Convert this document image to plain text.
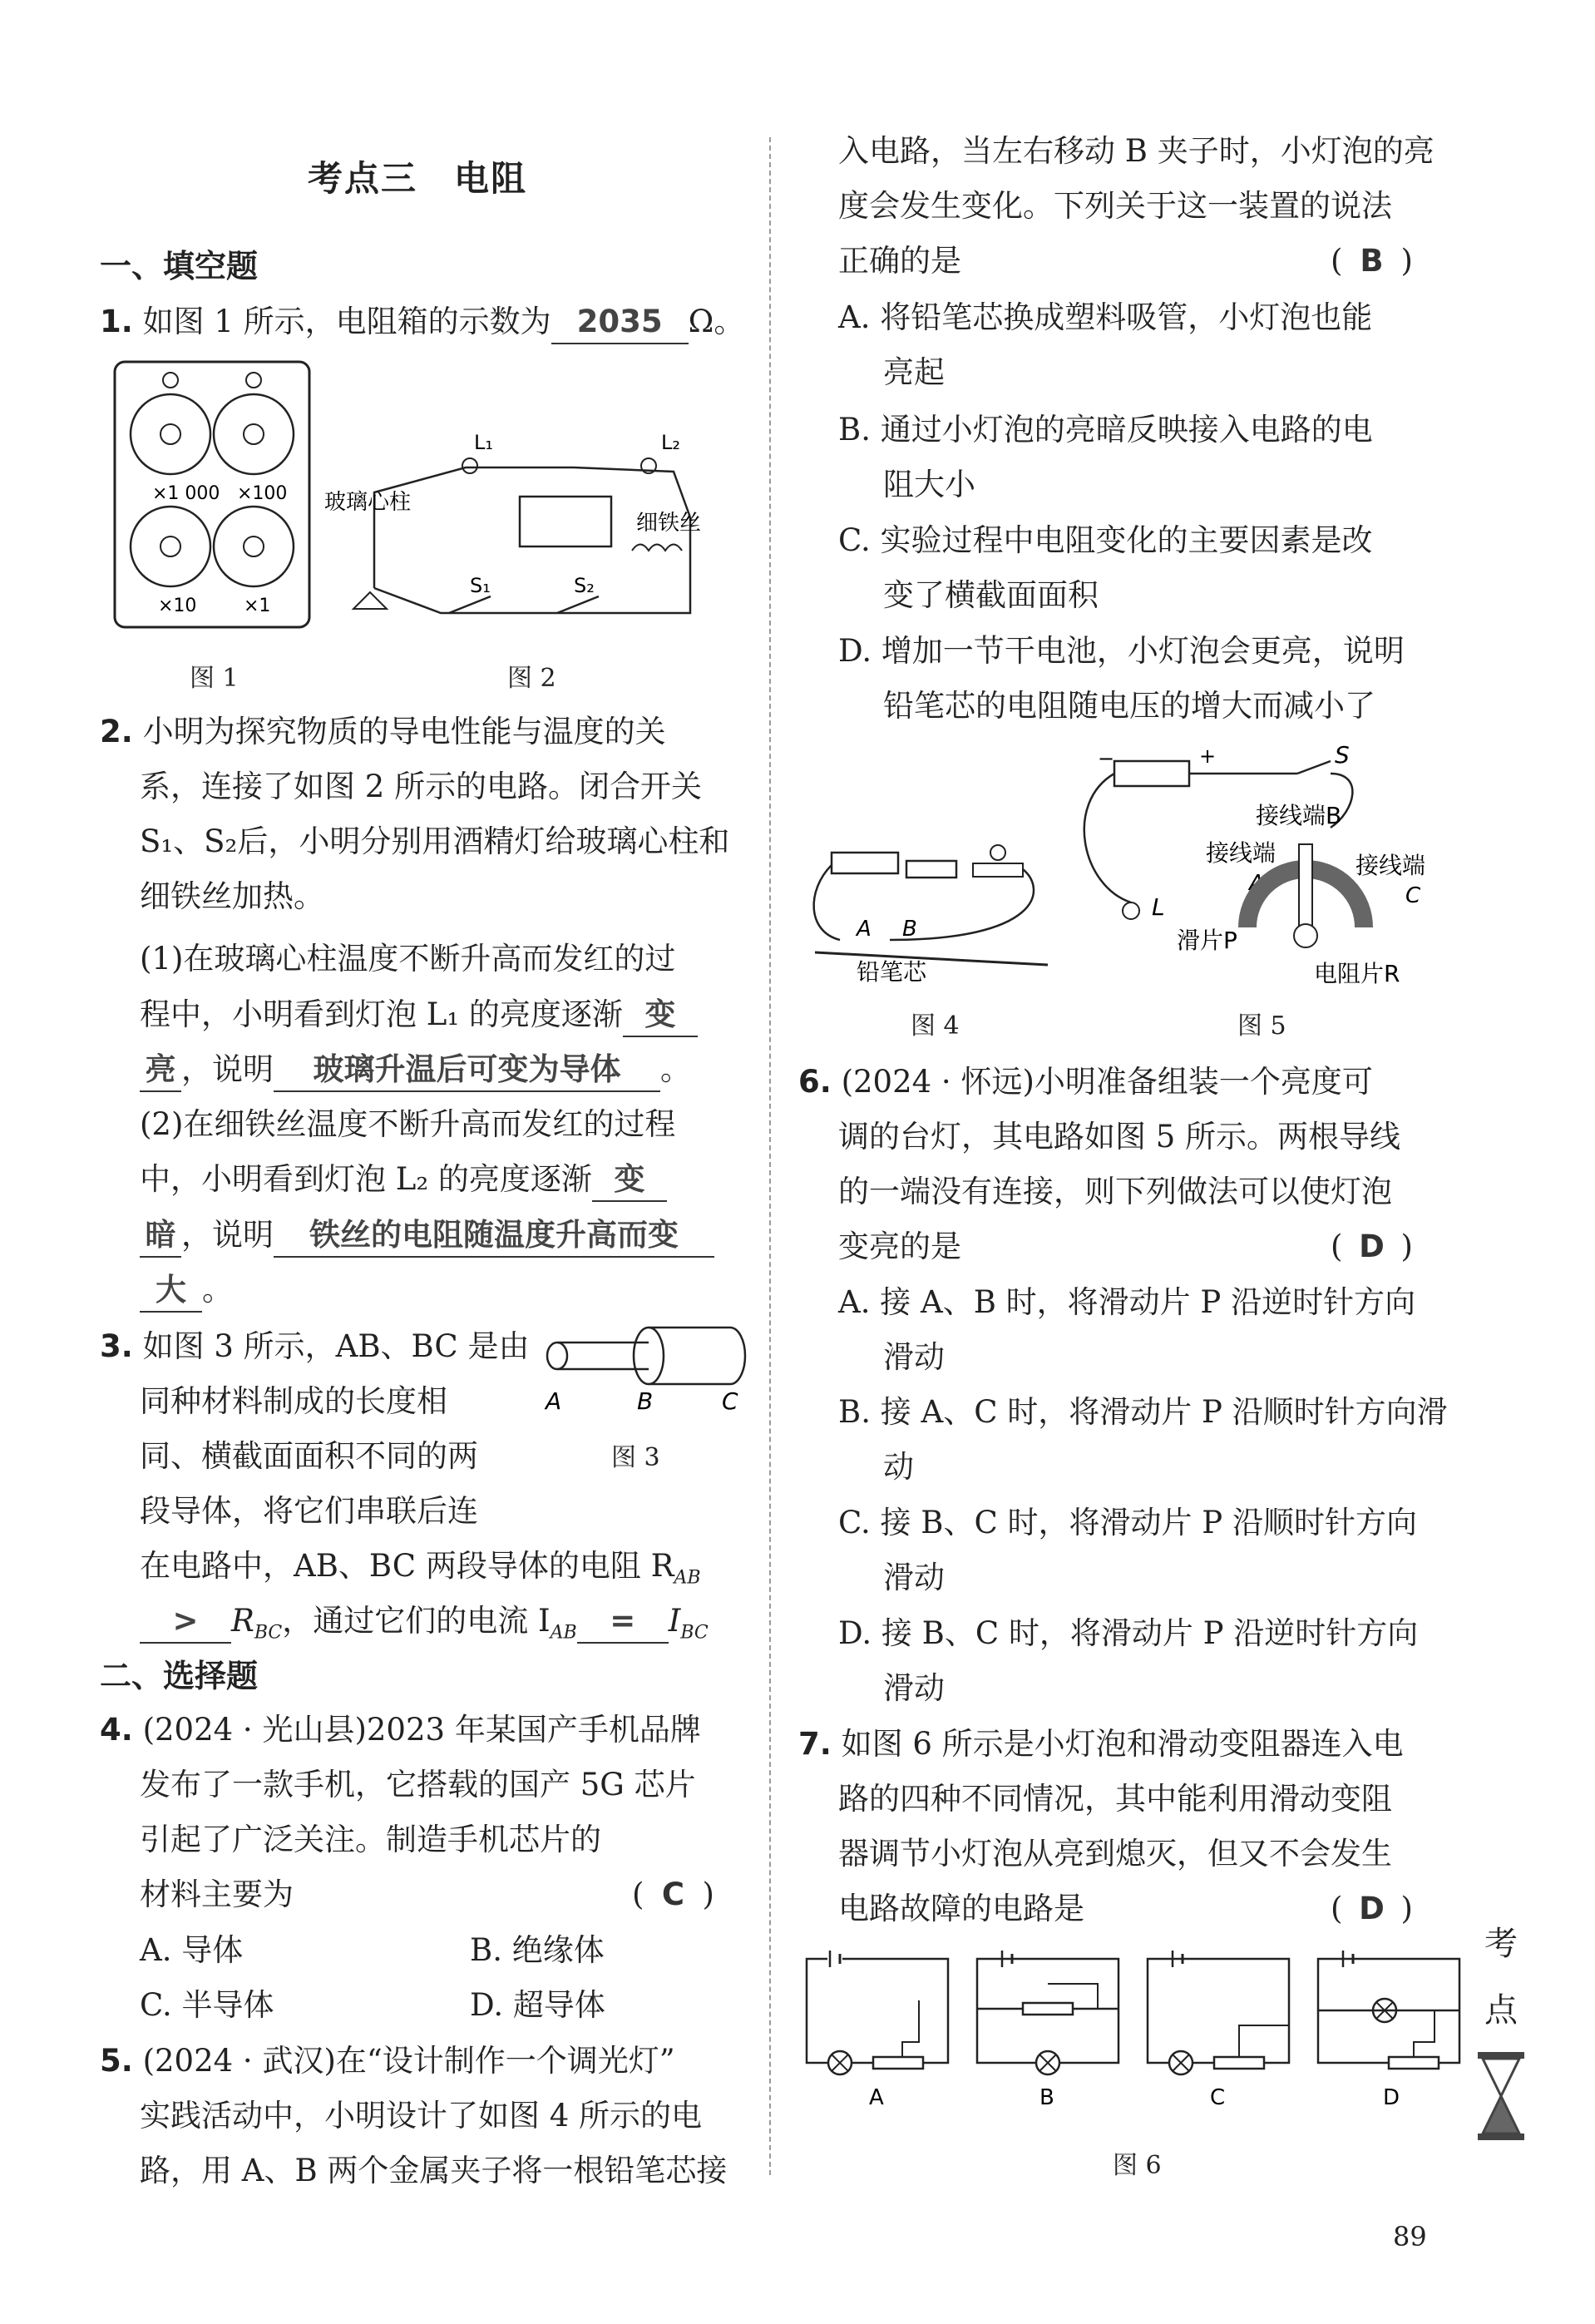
考点三　电阻
一、填空题
1. 如图 1 所示，电阻箱的示数为 2035 Ω。
×1 000 ×100
×10	×1
图 1
L₁	L₂
玻璃心柱
细铁丝
S₁	S₂
图 2
2. 小明为探究物质的导电性能与温度的关
系，连接了如图 2 所示的电路。闭合开关
S₁、S₂后，小明分别用酒精灯给玻璃心柱和
细铁丝加热。
(1)在玻璃心柱温度不断升高而发红的过
程中，小明看到灯泡 L₁ 的亮度逐渐 变
亮 ，说明 玻璃升温后可变为导体 。
(2)在细铁丝温度不断升高而发红的过程
中，小明看到灯泡 L₂ 的亮度逐渐 变
暗 ，说明 铁丝的电阻随温度升高而变
大 。
3. 如图 3 所示，AB、BC 是由
同种材料制成的长度相
同、横截面面积不同的两
段导体，将它们串联后连
在电路中，AB、BC 两段导体的电阻 $R_{AB}$
> $R_{BC}$，通过它们的电流 $I_{AB} = I_{BC}$
A	B	C
图 3
二、选择题
4. (2024 · 光山县)2023 年某国产手机品牌
发布了一款手机，它搭载的国产 5G 芯片
引起了广泛关注。制造手机芯片的
材料主要为	( C )
A. 导体	B. 绝缘体
C. 半导体	D. 超导体
5. (2024 · 武汉)在“设计制作一个调光灯”
实践活动中，小明设计了如图 4 所示的电
路，用 A、B 两个金属夹子将一根铅笔芯接
入电路，当左右移动 B 夹子时，小灯泡的亮
度会发生变化。下列关于这一装置的说法
正确的是	( B )
A. 将铅笔芯换成塑料吸管，小灯泡也能
亮起
B. 通过小灯泡的亮暗反映接入电路的电
阻大小
C. 实验过程中电阻变化的主要因素是改
变了横截面面积
D. 增加一节干电池，小灯泡会更亮，说明
铅笔芯的电阻随电压的增大而减小了
A B
铅笔芯
图 4
−	+	S
L
接线端B
接线端
A
接线端
C
滑片P
电阻片R
图 5
6. (2024 · 怀远)小明准备组装一个亮度可
调的台灯，其电路如图 5 所示。两根导线
的一端没有连接，则下列做法可以使灯泡
变亮的是	( D )
A. 接 A、B 时，将滑动片 P 沿逆时针方向
滑动
B. 接 A、C 时，将滑动片 P 沿顺时针方向滑
动
C. 接 B、C 时，将滑动片 P 沿顺时针方向
滑动
D. 接 B、C 时，将滑动片 P 沿逆时针方向
滑动
7. 如图 6 所示是小灯泡和滑动变阻器连入电
路的四种不同情况，其中能利用滑动变阻
器调节小灯泡从亮到熄灭，但又不会发生
电路故障的电路是	( D )
A	B	C	D
图 6
考
点
89
